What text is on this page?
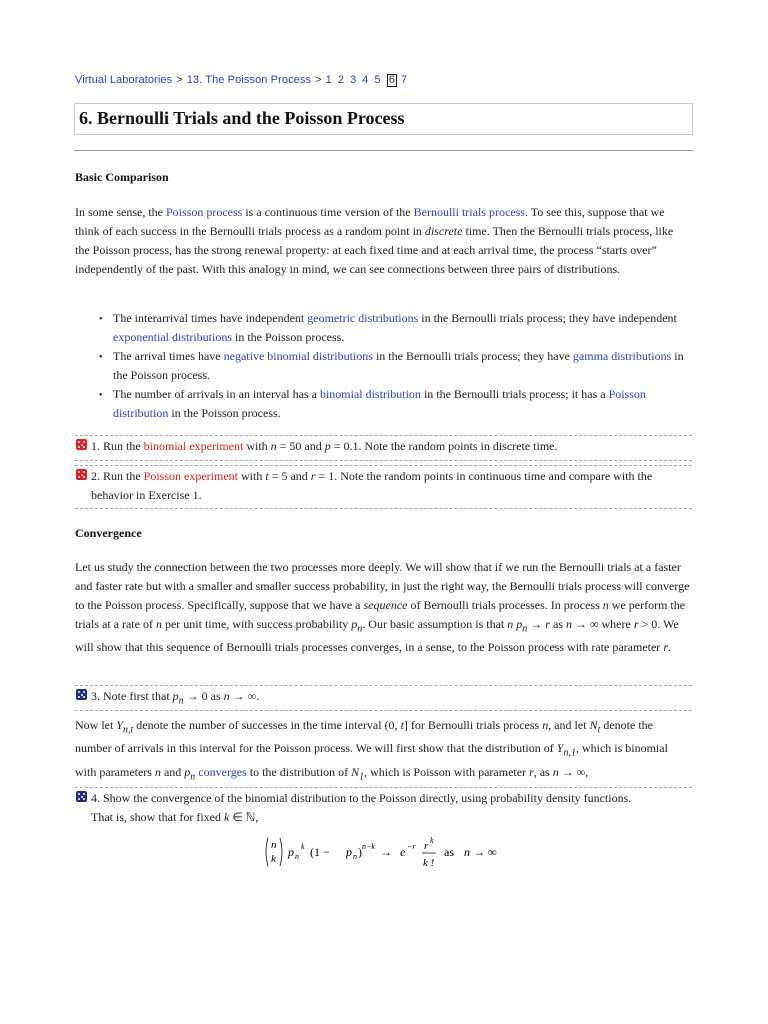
Virtual Laboratories > 13. The Poisson Process > 1 2 3 4 5 6 7
6. Bernoulli Trials and the Poisson Process
Basic Comparison

In some sense, the Poisson process is a continuous time version of the Bernoulli trials process. To see this, suppose that we think of each success in the Bernoulli trials process as a random point in discrete time. Then the Bernoulli trials process, like the Poisson process, has the strong renewal property: at each fixed time and at each arrival time, the process “starts over” independently of the past. With this analogy in mind, we can see connections between three pairs of distributions.

• The interarrival times have independent geometric distributions in the Bernoulli trials process; they have independent exponential distributions in the Poisson process.
• The arrival times have negative binomial distributions in the Bernoulli trials process; they have gamma distributions in the Poisson process.
• The number of arrivals in an interval has a binomial distribution in the Bernoulli trials process; it has a Poisson distribution in the Poisson process.
1. Run the binomial experiment with n = 50 and p = 0.1. Note the random points in discrete time.
2. Run the Poisson experiment with t = 5 and r = 1. Note the random points in continuous time and compare with the behavior in Exercise 1.
Convergence

Let us study the connection between the two processes more deeply. We will show that if we run the Bernoulli trials at a faster and faster rate but with a smaller and smaller success probability, in just the right way, the Bernoulli trials process will converge to the Poisson process. Specifically, suppose that we have a sequence of Bernoulli trials processes. In process n we perform the trials at a rate of n per unit time, with success probability $p_n$. Our basic assumption is that n $p_n \to r$ as n → ∞ where r > 0. We will show that this sequence of Bernoulli trials processes converges, in a sense, to the Poisson process with rate parameter r.

3. Note first that $p_n \to 0$ as n → ∞.

Now let $Y_{n,t}$ denote the number of successes in the time interval (0, t] for Bernoulli trials process n, and let $N_t$ denote the number of arrivals in this interval for the Poisson process. We will first show that the distribution of $Y_{n,1}$, which is binomial with parameters n and $p_n$ converges to the distribution of $N_1$, which is Poisson with parameter r, as n → ∞,

4. Show the convergence of the binomial distribution to the Poisson directly, using probability density functions.
That is, show that for fixed k ∈ ℕ,
n
k p n
k (1 − p n ) n−k → e −r r k
k !
as n → ∞
